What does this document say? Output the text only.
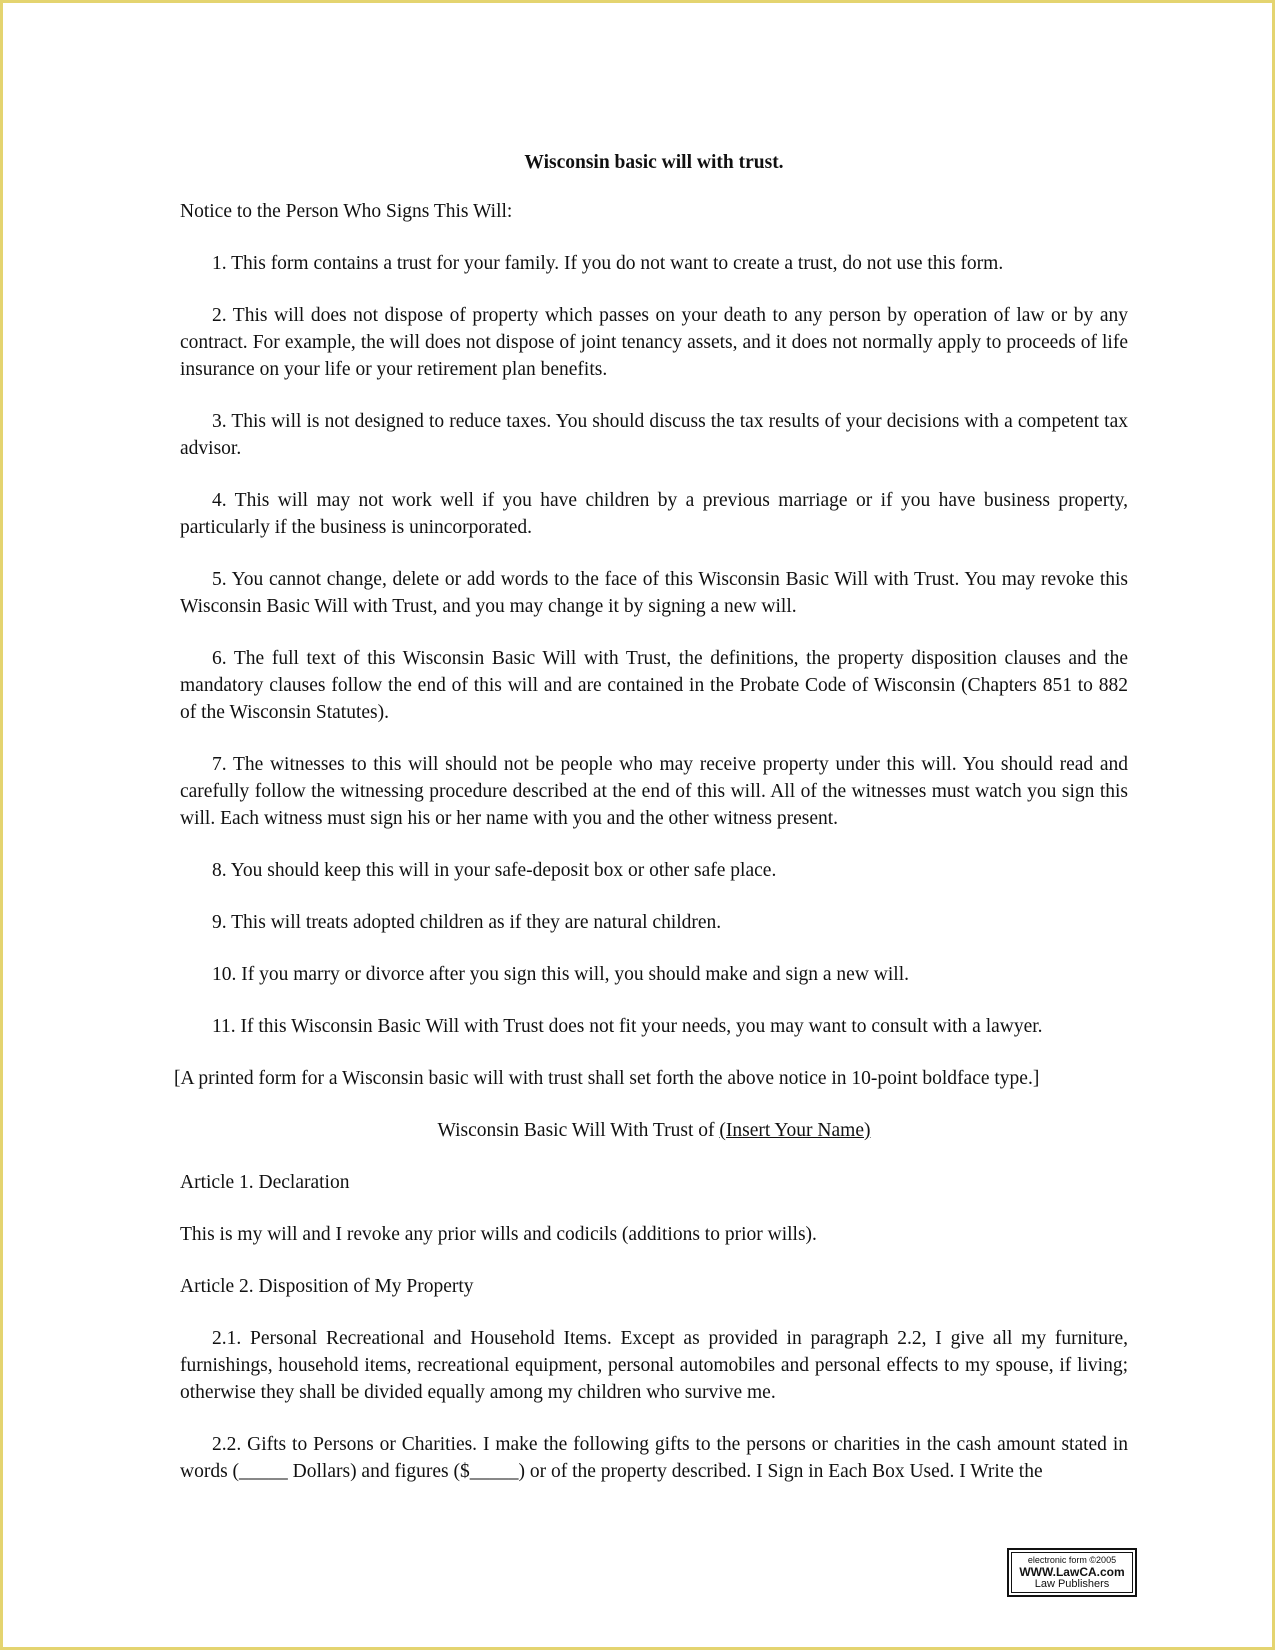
Wisconsin basic will with trust.
Notice to the Person Who Signs This Will:
1. This form contains a trust for your family. If you do not want to create a trust, do not use this form.
2. This will does not dispose of property which passes on your death to any person by operation of law or by any contract. For example, the will does not dispose of joint tenancy assets, and it does not normally apply to proceeds of life insurance on your life or your retirement plan benefits.
3. This will is not designed to reduce taxes. You should discuss the tax results of your decisions with a competent tax advisor.
4. This will may not work well if you have children by a previous marriage or if you have business property, particularly if the business is unincorporated.
5. You cannot change, delete or add words to the face of this Wisconsin Basic Will with Trust. You may revoke this Wisconsin Basic Will with Trust, and you may change it by signing a new will.
6. The full text of this Wisconsin Basic Will with Trust, the definitions, the property disposition clauses and the mandatory clauses follow the end of this will and are contained in the Probate Code of Wisconsin (Chapters 851 to 882 of the Wisconsin Statutes).
7. The witnesses to this will should not be people who may receive property under this will. You should read and carefully follow the witnessing procedure described at the end of this will. All of the witnesses must watch you sign this will. Each witness must sign his or her name with you and the other witness present.
8. You should keep this will in your safe-deposit box or other safe place.
9. This will treats adopted children as if they are natural children.
10. If you marry or divorce after you sign this will, you should make and sign a new will.
11. If this Wisconsin Basic Will with Trust does not fit your needs, you may want to consult with a lawyer.
[A printed form for a Wisconsin basic will with trust shall set forth the above notice in 10-point boldface type.]
Wisconsin Basic Will With Trust of (Insert Your Name)
Article 1. Declaration
This is my will and I revoke any prior wills and codicils (additions to prior wills).
Article 2. Disposition of My Property
2.1. Personal Recreational and Household Items. Except as provided in paragraph 2.2, I give all my furniture, furnishings, household items, recreational equipment, personal automobiles and personal effects to my spouse, if living; otherwise they shall be divided equally among my children who survive me.
2.2. Gifts to Persons or Charities. I make the following gifts to the persons or charities in the cash amount stated in words (_____ Dollars) and figures ($_____) or of the property described. I Sign in Each Box Used. I Write the
electronic form ©2005
WWW.LawCA.com
Law Publishers
